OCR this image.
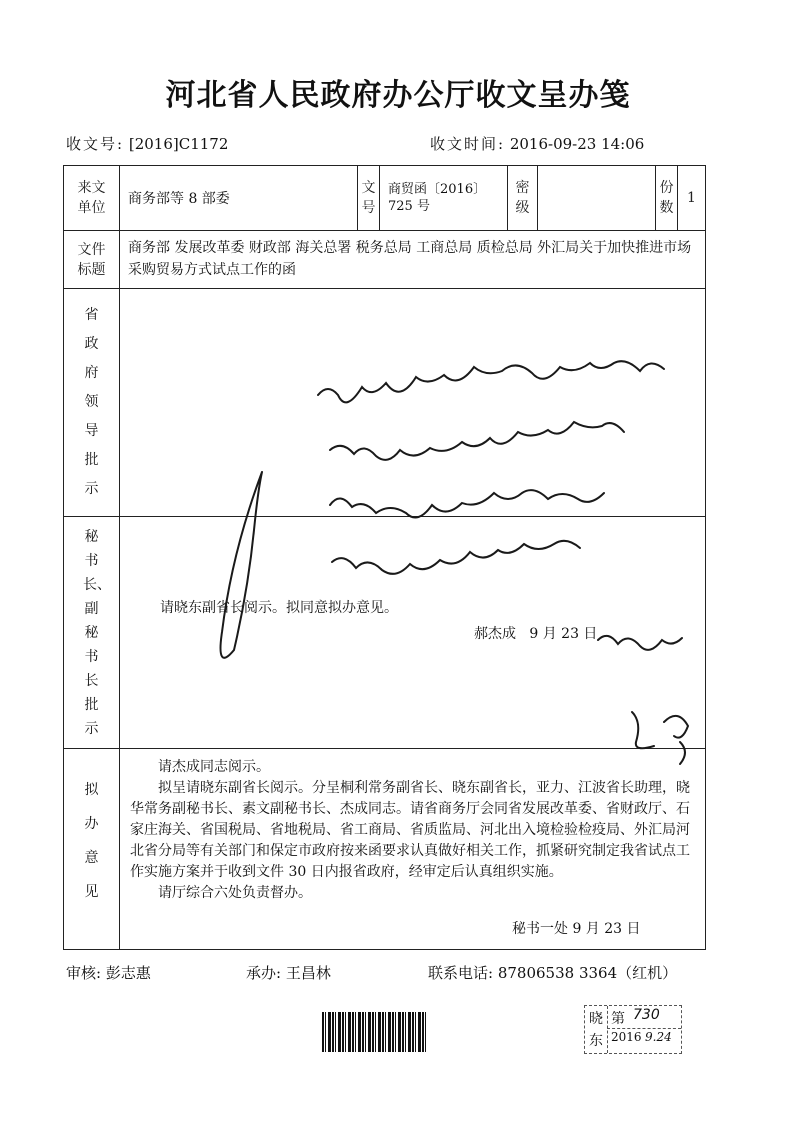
河北省人民政府办公厅收文呈办笺
收文号: [2016]C1172	收文时间: 2016-09-23 14:06
来文单位	商务部等 8 部委	文号	商贸函〔2016〕725 号	密级		份数	1
文件标题	商务部 发展改革委 财政部 海关总署 税务总局 工商总局 质检总局 外汇局关于加快推进市场采购贸易方式试点工作的函						
省政府领导批示							
秘书长、副秘书长批示	请晓东副省长阅示。拟同意拟办意见。
郝杰成 9 月 23 日						

拟办意见	请杰成同志阅示。
拟呈请晓东副省长阅示。分呈桐利常务副省长、晓东副省长，亚力、江波省长助理，晓华常务副秘书长、素文副秘书长、杰成同志。请省商务厅会同省发展改革委、省财政厅、石家庄海关、省国税局、省地税局、省工商局、省质监局、河北出入境检验检疫局、外汇局河北省分局等有关部门和保定市政府按来函要求认真做好相关工作，抓紧研究制定我省试点工作实施方案并于收到文件 30 日内报省政府，经审定后认真组织实施。
请厅综合六处负责督办。
秘书一处 9 月 23 日						
审核: 彭志惠	承办: 王昌林	联系电话: 87806538 3364（红机）
晓
东
第 730
2016 9.24
